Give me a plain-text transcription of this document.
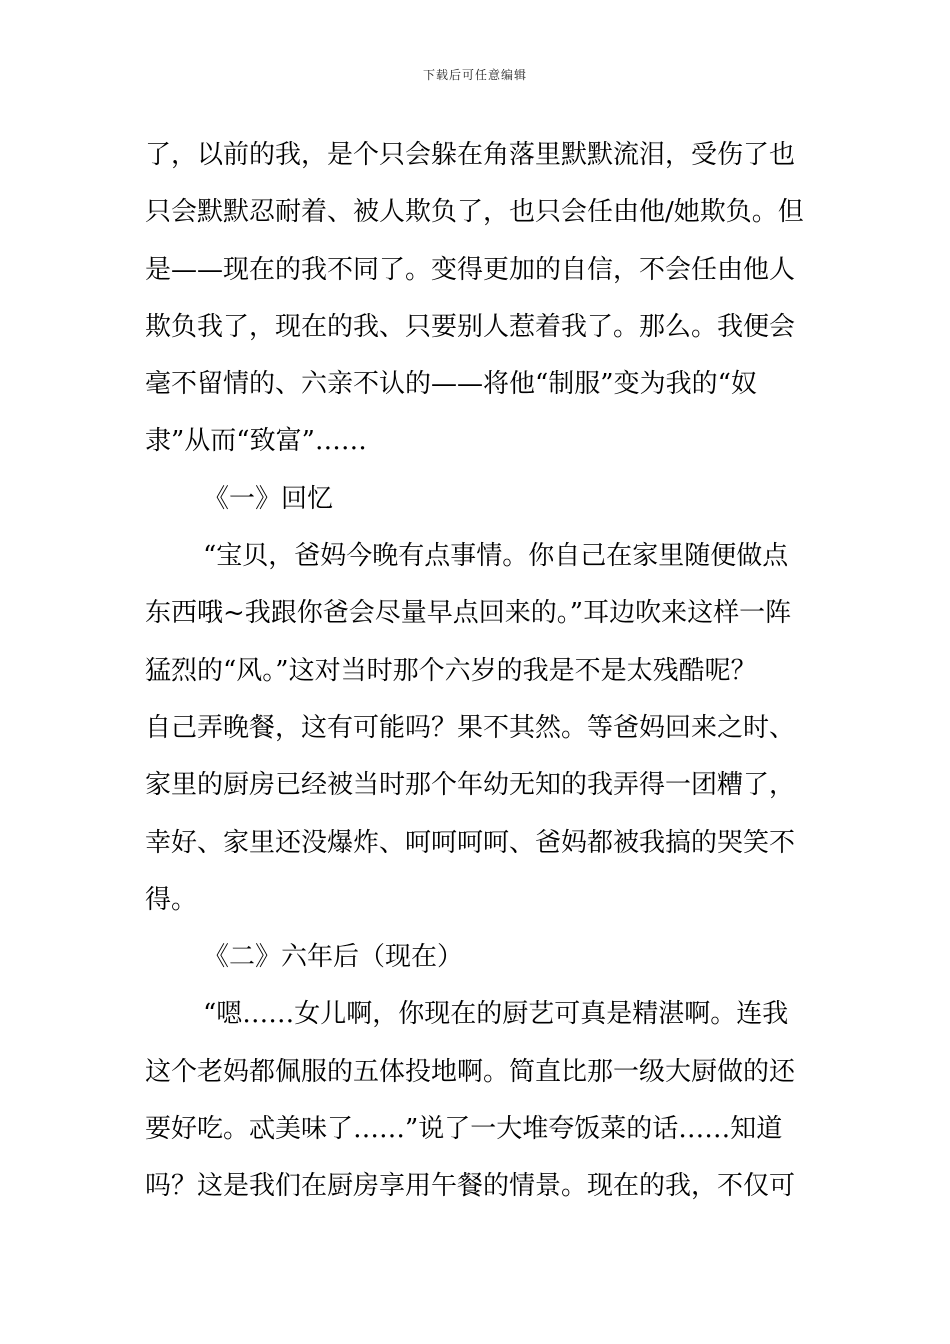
下载后可任意编辑
了，以前的我，是个只会躲在角落里默默流泪，受伤了也
只会默默忍耐着、被人欺负了，也只会任由他/她欺负。但
是——现在的我不同了。变得更加的自信，不会任由他人
欺负我了，现在的我、只要别人惹着我了。那么。我便会
毫不留情的、六亲不认的——将他“制服”变为我的“奴
隶”从而“致富”……
《一》回忆
“宝贝，爸妈今晚有点事情。你自己在家里随便做点
东西哦~我跟你爸会尽量早点回来的。”耳边吹来这样一阵
猛烈的“风。”这对当时那个六岁的我是不是太残酷呢？
自己弄晚餐，这有可能吗？果不其然。等爸妈回来之时、
家里的厨房已经被当时那个年幼无知的我弄得一团糟了，
幸好、家里还没爆炸、呵呵呵呵、爸妈都被我搞的哭笑不
得。
《二》六年后（现在）
“嗯……女儿啊，你现在的厨艺可真是精湛啊。连我
这个老妈都佩服的五体投地啊。简直比那一级大厨做的还
要好吃。忒美味了……”说了一大堆夸饭菜的话……知道
吗？这是我们在厨房享用午餐的情景。现在的我，不仅可
